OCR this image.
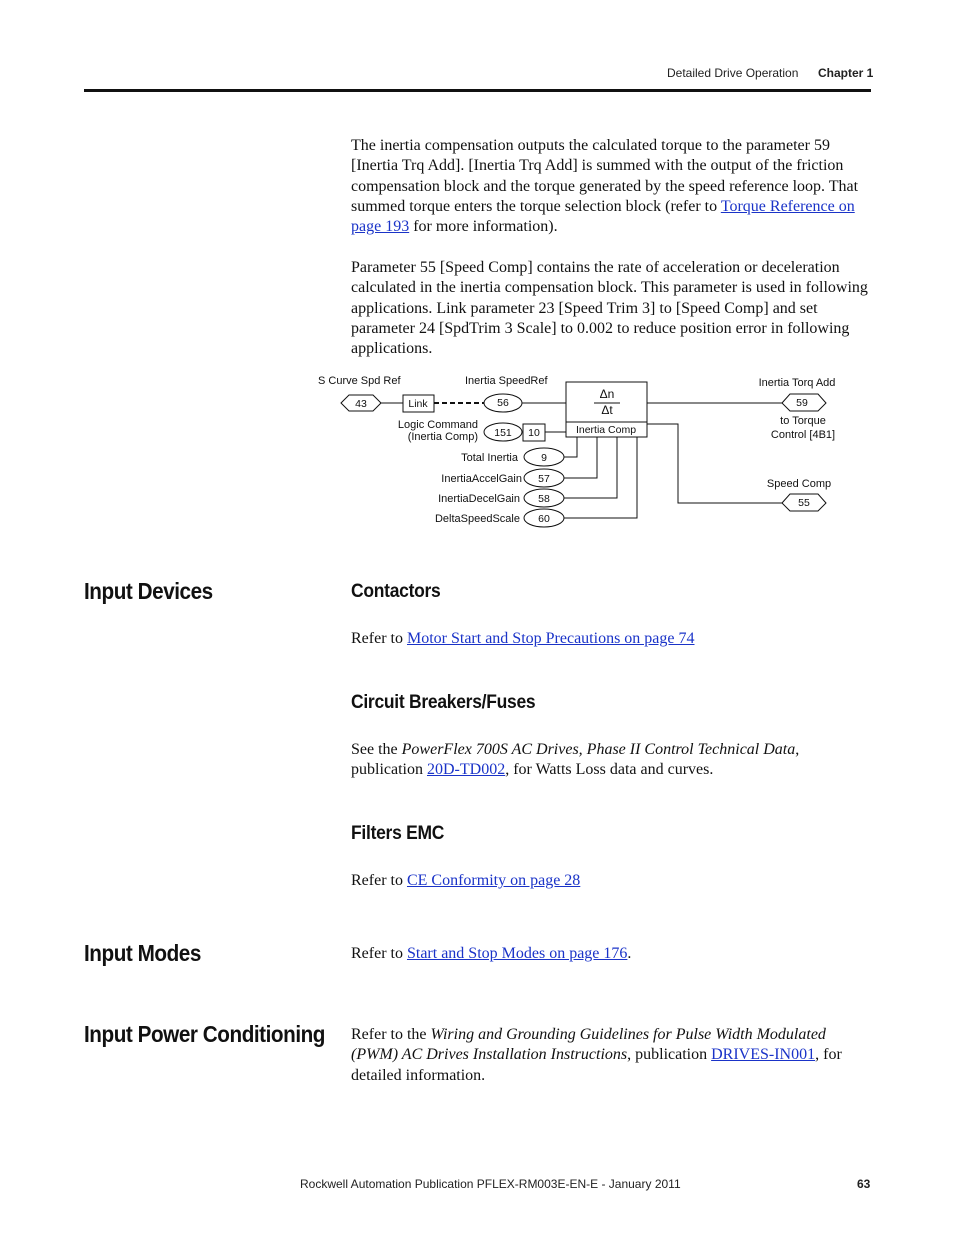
Detailed Drive Operation Chapter 1

The inertia compensation outputs the calculated torque to the parameter 59 [Inertia Trq Add]. [Inertia Trq Add] is summed with the output of the friction compensation block and the torque generated by the speed reference loop. That summed torque enters the torque selection block (refer to Torque Reference on page 193 for more information).

Parameter 55 [Speed Comp] contains the rate of acceleration or deceleration calculated in the inertia compensation block. This parameter is used in following applications. Link parameter 23 [Speed Trim 3] to [Speed Comp] and set parameter 24 [SpdTrim 3 Scale] to 0.002 to reduce position error in following applications.

S Curve Spd Ref
43	Link
Inertia SpeedRef
56
Logic Command
(Inertia Comp) 151 10
Δn
Δt
Inertia Comp
Total Inertia 9
InertiaAccelGain 57
InertiaDecelGain 58
DeltaSpeedScale 60
Inertia Torq Add
59
to Torque
Control [4B1]
Speed Comp
55
Input Devices	Contactors

Refer to Motor Start and Stop Precautions on page 74

Circuit Breakers/Fuses

See the PowerFlex 700S AC Drives, Phase II Control Technical Data, publication 20D-TD002, for Watts Loss data and curves.

Filters EMC

Refer to CE Conformity on page 28

Input Modes	Refer to Start and Stop Modes on page 176.

Input Power Conditioning Refer to the Wiring and Grounding Guidelines for Pulse Width Modulated (PWM) AC Drives Installation Instructions, publication DRIVES-IN001, for detailed information.

Rockwell Automation Publication PFLEX-RM003E-EN-E - January 2011	63
